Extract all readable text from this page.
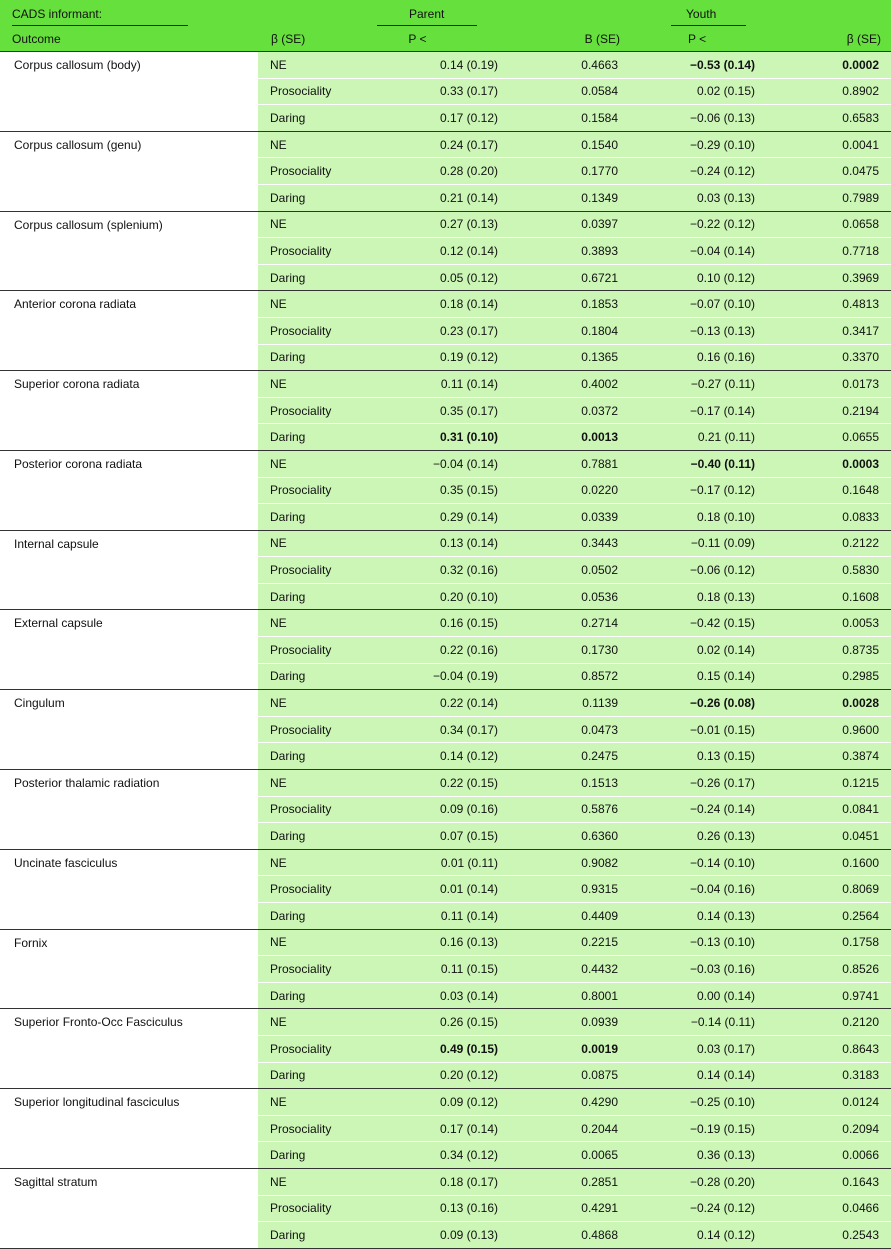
CADS informant:		Parent		Youth	

Outcome	β (SE)	P <	B (SE)	P <	β (SE)
Corpus callosum (body)	NE	0.14 (0.19)	0.4663	−0.53 (0.14)	0.0002
	Prosociality	0.33 (0.17)	0.0584	0.02 (0.15)	0.8902
	Daring	0.17 (0.12)	0.1584	−0.06 (0.13)	0.6583
Corpus callosum (genu)	NE	0.24 (0.17)	0.1540	−0.29 (0.10)	0.0041
	Prosociality	0.28 (0.20)	0.1770	−0.24 (0.12)	0.0475
	Daring	0.21 (0.14)	0.1349	0.03 (0.13)	0.7989
Corpus callosum (splenium)	NE	0.27 (0.13)	0.0397	−0.22 (0.12)	0.0658
	Prosociality	0.12 (0.14)	0.3893	−0.04 (0.14)	0.7718
	Daring	0.05 (0.12)	0.6721	0.10 (0.12)	0.3969
Anterior corona radiata	NE	0.18 (0.14)	0.1853	−0.07 (0.10)	0.4813
	Prosociality	0.23 (0.17)	0.1804	−0.13 (0.13)	0.3417
	Daring	0.19 (0.12)	0.1365	0.16 (0.16)	0.3370
Superior corona radiata	NE	0.11 (0.14)	0.4002	−0.27 (0.11)	0.0173
	Prosociality	0.35 (0.17)	0.0372	−0.17 (0.14)	0.2194
	Daring	0.31 (0.10)	0.0013	0.21 (0.11)	0.0655
Posterior corona radiata	NE	−0.04 (0.14)	0.7881	−0.40 (0.11)	0.0003
	Prosociality	0.35 (0.15)	0.0220	−0.17 (0.12)	0.1648
	Daring	0.29 (0.14)	0.0339	0.18 (0.10)	0.0833
Internal capsule	NE	0.13 (0.14)	0.3443	−0.11 (0.09)	0.2122
	Prosociality	0.32 (0.16)	0.0502	−0.06 (0.12)	0.5830
	Daring	0.20 (0.10)	0.0536	0.18 (0.13)	0.1608
External capsule	NE	0.16 (0.15)	0.2714	−0.42 (0.15)	0.0053
	Prosociality	0.22 (0.16)	0.1730	0.02 (0.14)	0.8735
	Daring	−0.04 (0.19)	0.8572	0.15 (0.14)	0.2985
Cingulum	NE	0.22 (0.14)	0.1139	−0.26 (0.08)	0.0028
	Prosociality	0.34 (0.17)	0.0473	−0.01 (0.15)	0.9600
	Daring	0.14 (0.12)	0.2475	0.13 (0.15)	0.3874
Posterior thalamic radiation	NE	0.22 (0.15)	0.1513	−0.26 (0.17)	0.1215
	Prosociality	0.09 (0.16)	0.5876	−0.24 (0.14)	0.0841
	Daring	0.07 (0.15)	0.6360	0.26 (0.13)	0.0451
Uncinate fasciculus	NE	0.01 (0.11)	0.9082	−0.14 (0.10)	0.1600
	Prosociality	0.01 (0.14)	0.9315	−0.04 (0.16)	0.8069
	Daring	0.11 (0.14)	0.4409	0.14 (0.13)	0.2564
Fornix	NE	0.16 (0.13)	0.2215	−0.13 (0.10)	0.1758
	Prosociality	0.11 (0.15)	0.4432	−0.03 (0.16)	0.8526
	Daring	0.03 (0.14)	0.8001	0.00 (0.14)	0.9741
Superior Fronto-Occ Fasciculus	NE	0.26 (0.15)	0.0939	−0.14 (0.11)	0.2120
	Prosociality	0.49 (0.15)	0.0019	0.03 (0.17)	0.8643
	Daring	0.20 (0.12)	0.0875	0.14 (0.14)	0.3183
Superior longitudinal fasciculus	NE	0.09 (0.12)	0.4290	−0.25 (0.10)	0.0124
	Prosociality	0.17 (0.14)	0.2044	−0.19 (0.15)	0.2094
	Daring	0.34 (0.12)	0.0065	0.36 (0.13)	0.0066
Sagittal stratum	NE	0.18 (0.17)	0.2851	−0.28 (0.20)	0.1643
	Prosociality	0.13 (0.16)	0.4291	−0.24 (0.12)	0.0466
	Daring	0.09 (0.13)	0.4868	0.14 (0.12)	0.2543
